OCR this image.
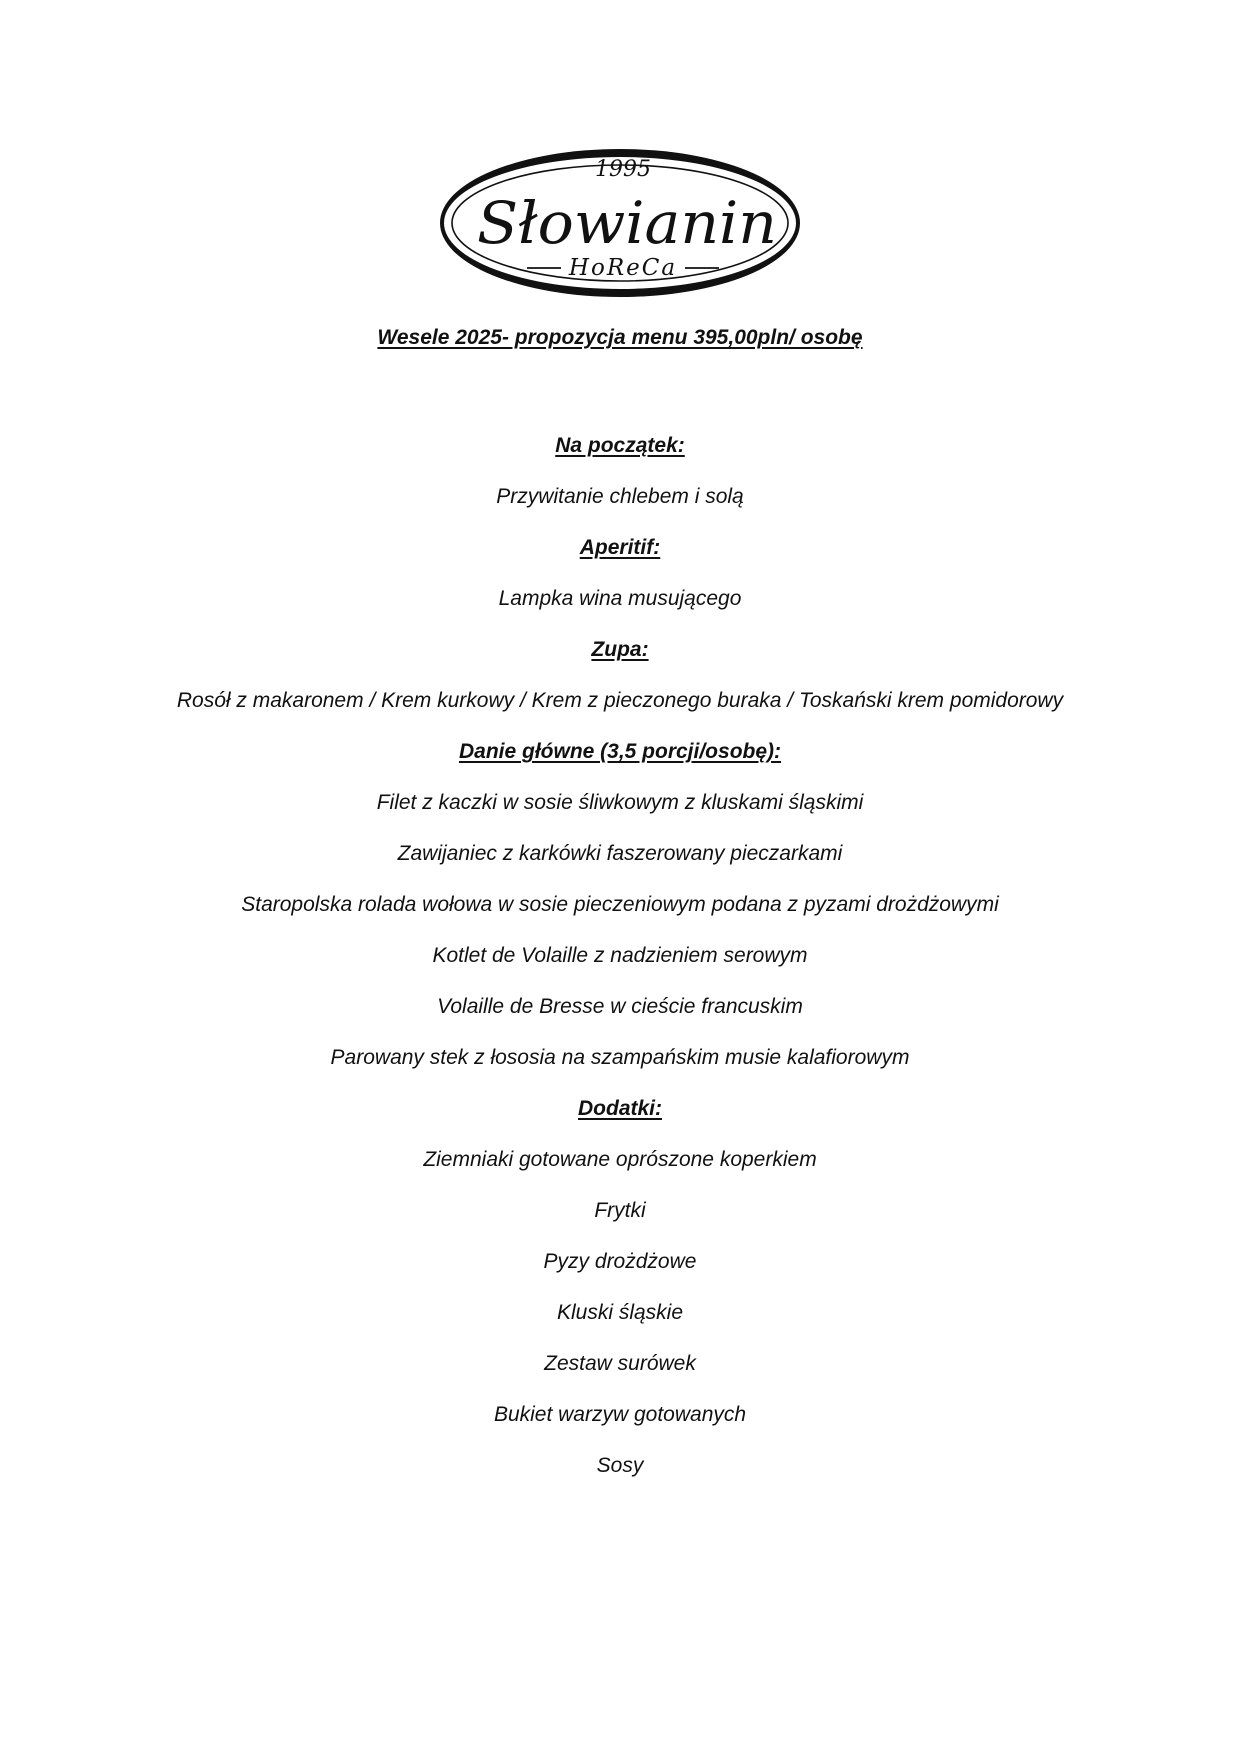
1995
Słowianin
HoReCa

Wesele 2025- propozycja menu 395,00pln/ osobę

Na początek:

Przywitanie chlebem i solą

Aperitif:

Lampka wina musującego

Zupa:

Rosół z makaronem / Krem kurkowy / Krem z pieczonego buraka / Toskański krem pomidorowy

Danie główne (3,5 porcji/osobę):

Filet z kaczki w sosie śliwkowym z kluskami śląskimi

Zawijaniec z karkówki faszerowany pieczarkami

Staropolska rolada wołowa w sosie pieczeniowym podana z pyzami drożdżowymi

Kotlet de Volaille z nadzieniem serowym

Volaille de Bresse w cieście francuskim

Parowany stek z łososia na szampańskim musie kalafiorowym

Dodatki:

Ziemniaki gotowane oprószone koperkiem

Frytki

Pyzy drożdżowe

Kluski śląskie

Zestaw surówek

Bukiet warzyw gotowanych

Sosy
